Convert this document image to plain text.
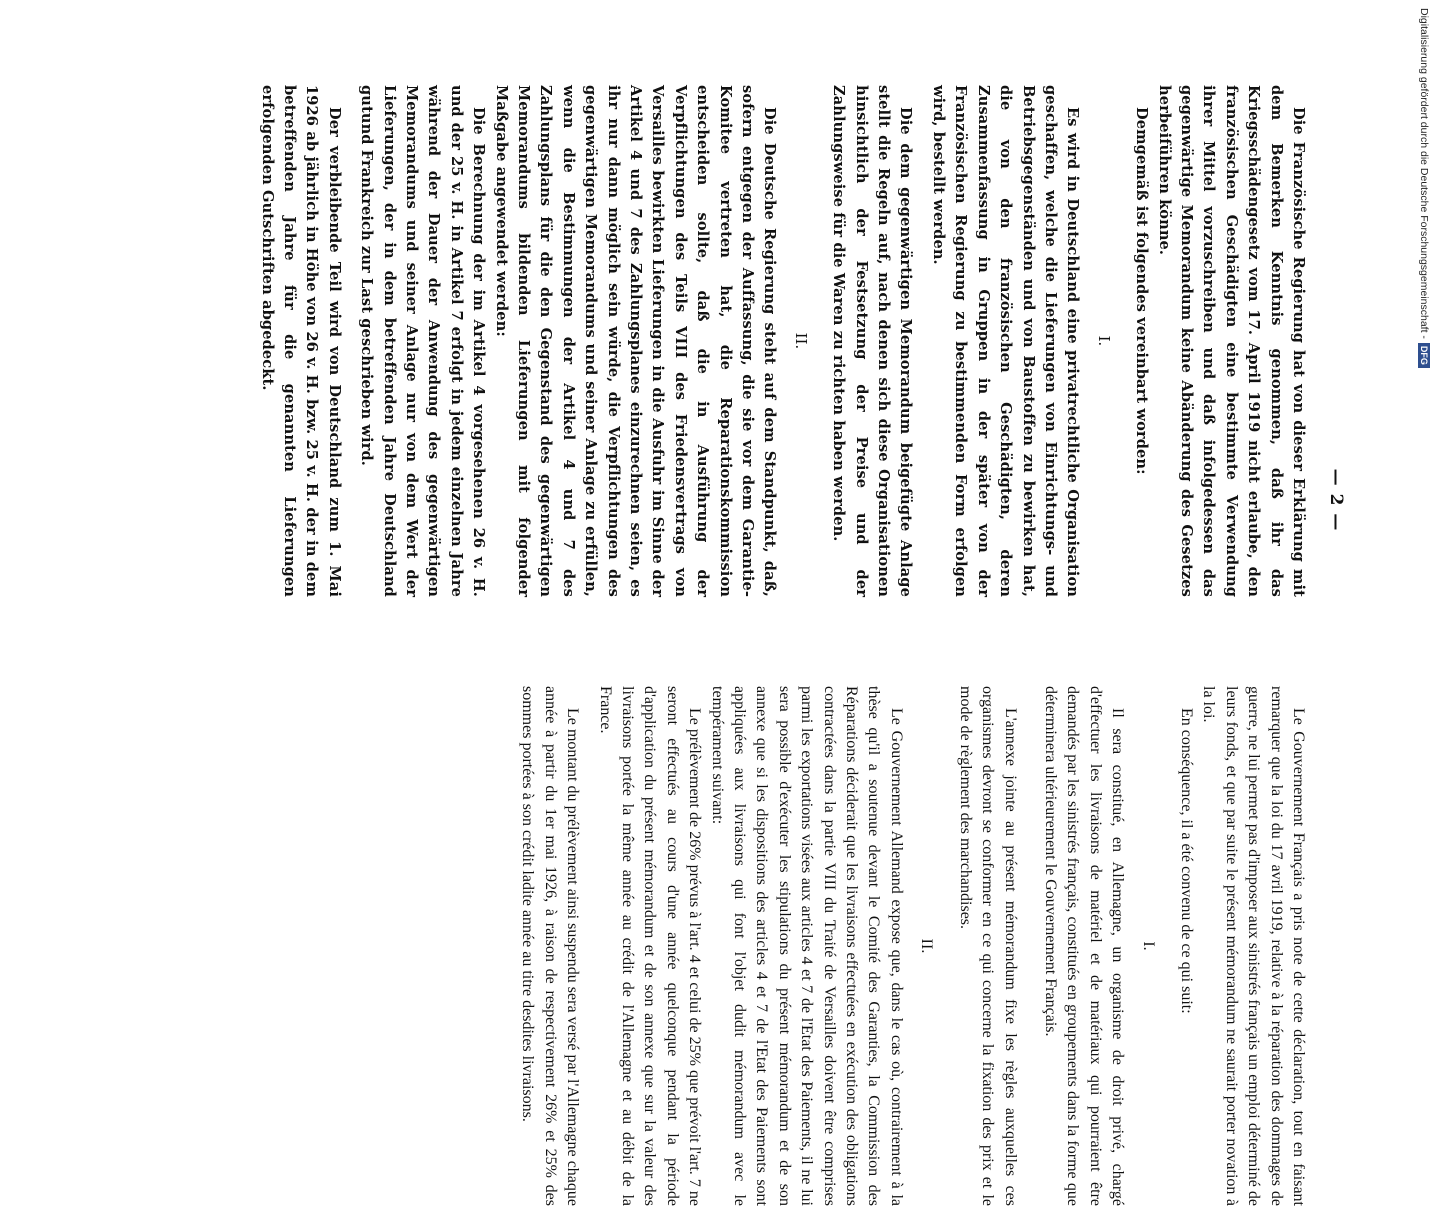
— 2 —

Die Französische Regierung hat von dieser Erklärung mit dem Bemerken Kenntnis genommen, daß ihr das Kriegsschädengesetz vom 17. April 1919 nicht erlaube, den französischen Geschädigten eine bestimmte Verwendung ihrer Mittel vorzuschreiben und daß infolgedessen das gegenwärtige Memorandum keine Abänderung des Gesetzes herbeiführen könne.

Demgemäß ist folgendes vereinbart worden:

I.

Es wird in Deutschland eine privatrechtliche Organisation geschaffen, welche die Lieferungen von Einrichtungs- und Betriebsgegenständen und von Baustoffen zu bewirken hat, die von den französischen Geschädigten, deren Zusammenfassung in Gruppen in der später von der Französischen Regierung zu bestimmenden Form erfolgen wird, bestellt werden.

Die dem gegenwärtigen Memorandum beigefügte Anlage stellt die Regeln auf, nach denen sich diese Organisationen hinsichtlich der Festsetzung der Preise und der Zahlungsweise für die Waren zu richten haben werden.

II.

Die Deutsche Regierung steht auf dem Standpunkt, daß, sofern entgegen der Auffassung, die sie vor dem Garantie-Komitee vertreten hat, die Reparationskommission entscheiden sollte, daß die in Ausführung der Verpflichtungen des Teils VIII des Friedensvertrags von Versailles bewirkten Lieferungen in die Ausfuhr im Sinne der Artikel 4 und 7 des Zahlungsplanes einzurechnen seien, es ihr nur dann möglich sein würde, die Verpflichtungen des gegenwärtigen Memorandums und seiner Anlage zu erfüllen, wenn die Bestimmungen der Artikel 4 und 7 des Zahlungsplans für die den Gegenstand des gegenwärtigen Memorandums bildenden Lieferungen mit folgender Maßgabe angewendet werden:

Die Berechnung der im Artikel 4 vorgesehenen 26 v. H. und der 25 v. H. in Artikel 7 erfolgt in jedem einzelnen Jahre während der Dauer der Anwendung des gegenwärtigen Memorandums und seiner Anlage nur von dem Wert der Lieferungen, der in dem betreffenden Jahre Deutschland gutund Frankreich zur Last geschrieben wird.

Der verbleibende Teil wird von Deutschland zum 1. Mai 1926 ab jährlich in Höhe von 26 v. H. bzw. 25 v. H. der in dem betreffenden Jahre für die genannten Lieferungen erfolgenden Gutschriften abgedeckt.

Le Gouvernement Français a pris note de cette déclaration, tout en faisant remarquer que la loi du 17 avril 1919, relative à la réparation des dommages de guerre, ne lui permet pas d'imposer aux sinistrés français un emploi déterminé de leurs fonds, et que par suite le présent mémorandum ne saurait porter novation à la loi.

En conséquence, il a été convenu de ce qui suit:

I.

Il sera constitué, en Allemagne, un organisme de droit privé, chargé d'effectuer les livraisons de matériel et de matériaux qui pourraient être demandés par les sinistrés français, constitués en groupements dans la forme que déterminera ultérieurement le Gouvernement Français.

L'annexe jointe au présent mémorandum fixe les règles auxquelles ces organismes devront se conformer en ce qui concerne la fixation des prix et le mode de règlement des marchandises.

II.

Le Gouvernement Allemand expose que, dans le cas où, contrairement à la thèse qu'il a soutenue devant le Comité des Garanties, la Commission des Réparations déciderait que les livraisons effectuées en exécution des obligations contractées dans la partie VIII du Traité de Versailles doivent être comprises parmi les exportations visées aux articles 4 et 7 de l'Etat des Paiements, il ne lui sera possible d'exécuter les stipulations du présent mémorandum et de son annexe que si les dispositions des articles 4 et 7 de l'Etat des Paiements sont appliquées aux livraisons qui font l'objet dudit mémorandum avec le tempérament suivant:

Le prélèvement de 26% prévus à l'art. 4 et celui de 25% que prévoit l'art. 7 ne seront effectués au cours d'une année quelconque pendant la période d'application du présent mémorandum et de son annexe que sur la valeur des livraisons portée la même année au crédit de l'Allemagne et au débit de la France.

Le montant du prélèvement ainsi suspendu sera versé par l'Allemagne chaque année à partir du 1er mai 1926, à raison de respectivement 26% et 25% des sommes portées à son crédit ladite année au titre desdites livraisons.

Digitalisierung gefördert durch die Deutsche Forschungsgemeinschaft -
DFG
